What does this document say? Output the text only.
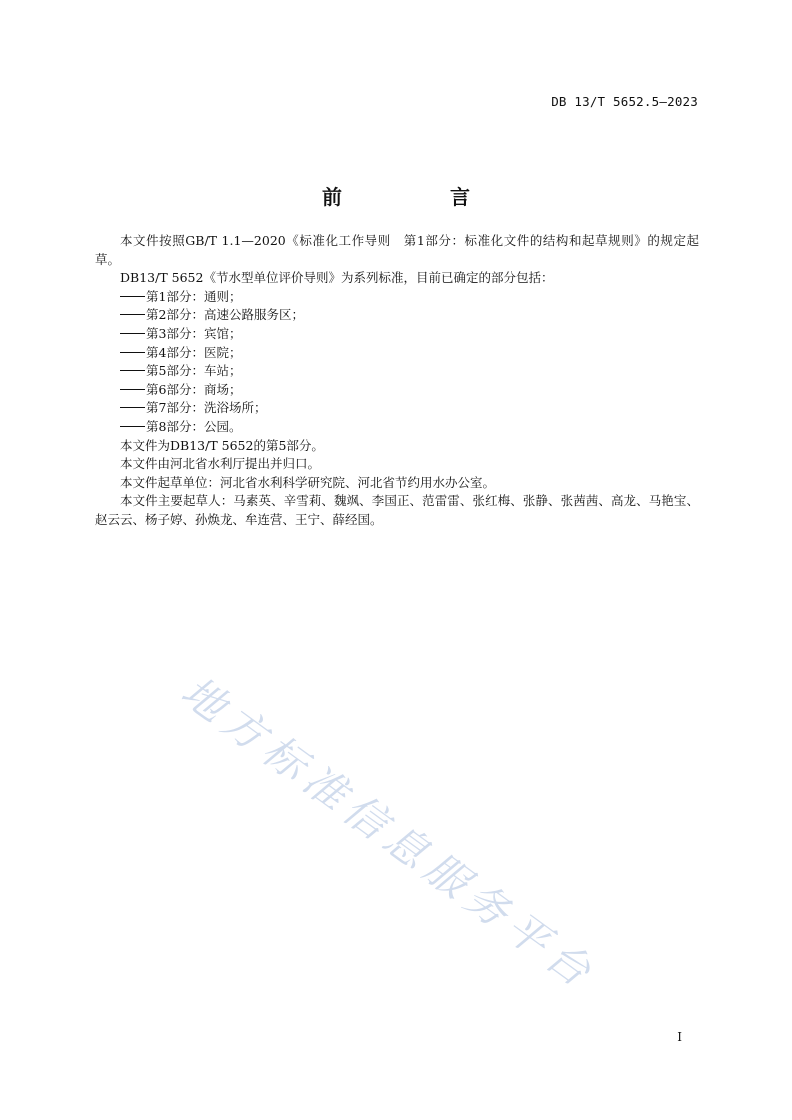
DB 13/T 5652.5—2023
前　言

本文件按照GB/T 1.1—2020《标准化工作导则　第1部分：标准化文件的结构和起草规则》的规定起草。

DB13/T 5652《节水型单位评价导则》为系列标准，目前已确定的部分包括：

第1部分：通则；

第2部分：高速公路服务区；

第3部分：宾馆；

第4部分：医院；

第5部分：车站；

第6部分：商场；

第7部分：洗浴场所；

第8部分：公园。

本文件为DB13/T 5652的第5部分。

本文件由河北省水利厅提出并归口。

本文件起草单位：河北省水利科学研究院、河北省节约用水办公室。

本文件主要起草人：马素英、辛雪莉、魏飒、李国正、范雷雷、张红梅、张静、张茜茜、高龙、马艳宝、赵云云、杨子婷、孙焕龙、牟连营、王宁、薛经国。

地方标准信息服务平台
I
